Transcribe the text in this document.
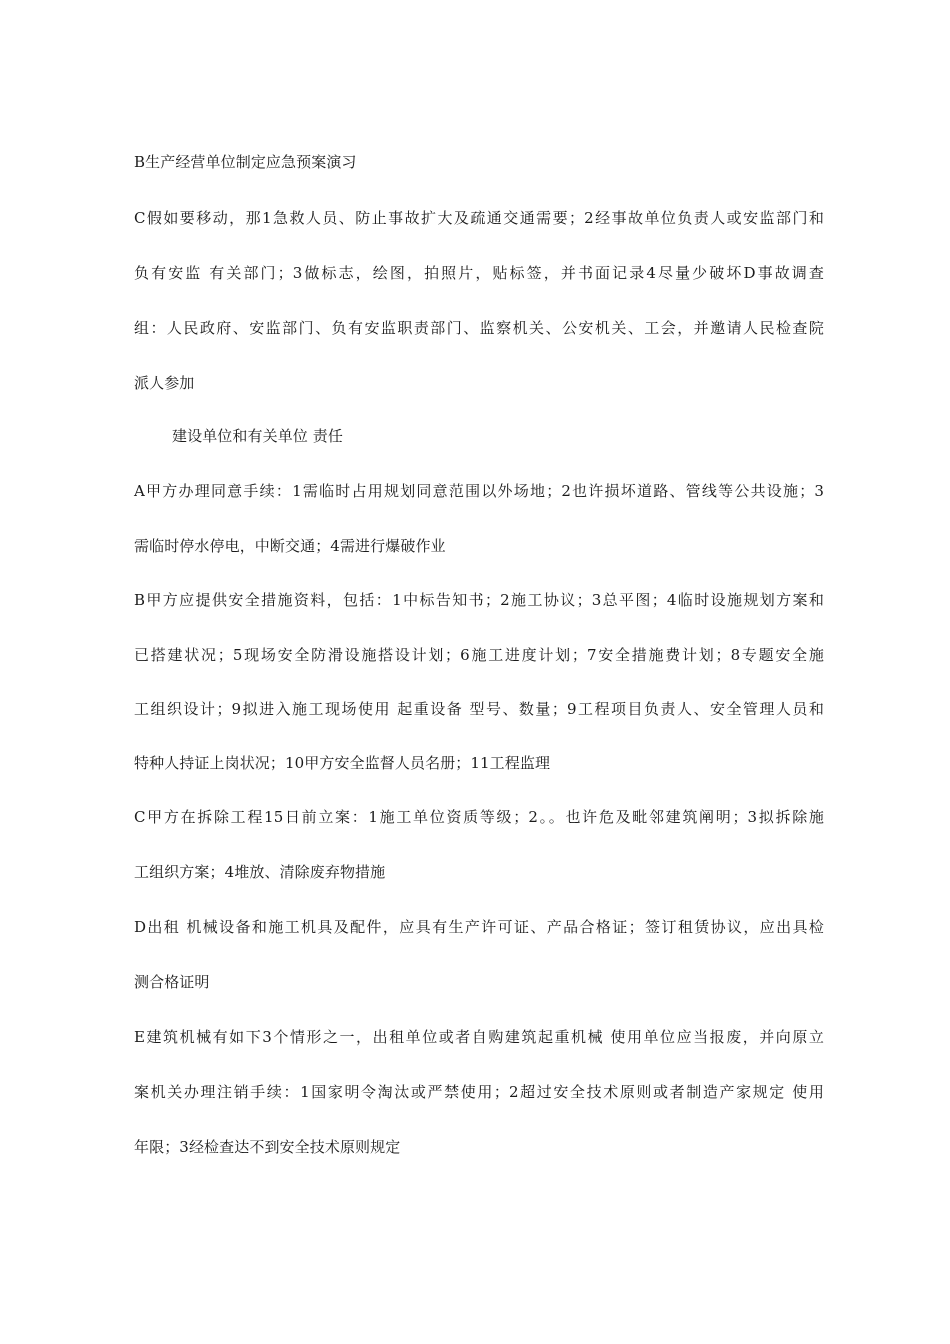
B生产经营单位制定应急预案演习
C假如要移动，那1急救人员、防止事故扩大及疏通交通需要；2经事故单位负责人或安监部门和
负有安监 有关部门；3做标志，绘图，拍照片，贴标签，并书面记录4尽量少破坏D事故调查
组：人民政府、安监部门、负有安监职责部门、监察机关、公安机关、工会，并邀请人民检查院
派人参加
建设单位和有关单位 责任
A甲方办理同意手续：1需临时占用规划同意范围以外场地；2也许损坏道路、管线等公共设施；3
需临时停水停电，中断交通；4需进行爆破作业
B甲方应提供安全措施资料，包括：1中标告知书；2施工协议；3总平图；4临时设施规划方案和
已搭建状况；5现场安全防滑设施搭设计划；6施工进度计划；7安全措施费计划；8专题安全施
工组织设计；9拟进入施工现场使用 起重设备 型号、数量；9工程项目负责人、安全管理人员和
特种人持证上岗状况；10甲方安全监督人员名册；11工程监理
C甲方在拆除工程15日前立案：1施工单位资质等级；2。。也许危及毗邻建筑阐明；3拟拆除施
工组织方案；4堆放、清除废弃物措施
D出租 机械设备和施工机具及配件，应具有生产许可证、产品合格证；签订租赁协议，应出具检
测合格证明
E建筑机械有如下3个情形之一，出租单位或者自购建筑起重机械 使用单位应当报废，并向原立
案机关办理注销手续：1国家明令淘汰或严禁使用；2超过安全技术原则或者制造产家规定 使用
年限；3经检查达不到安全技术原则规定
